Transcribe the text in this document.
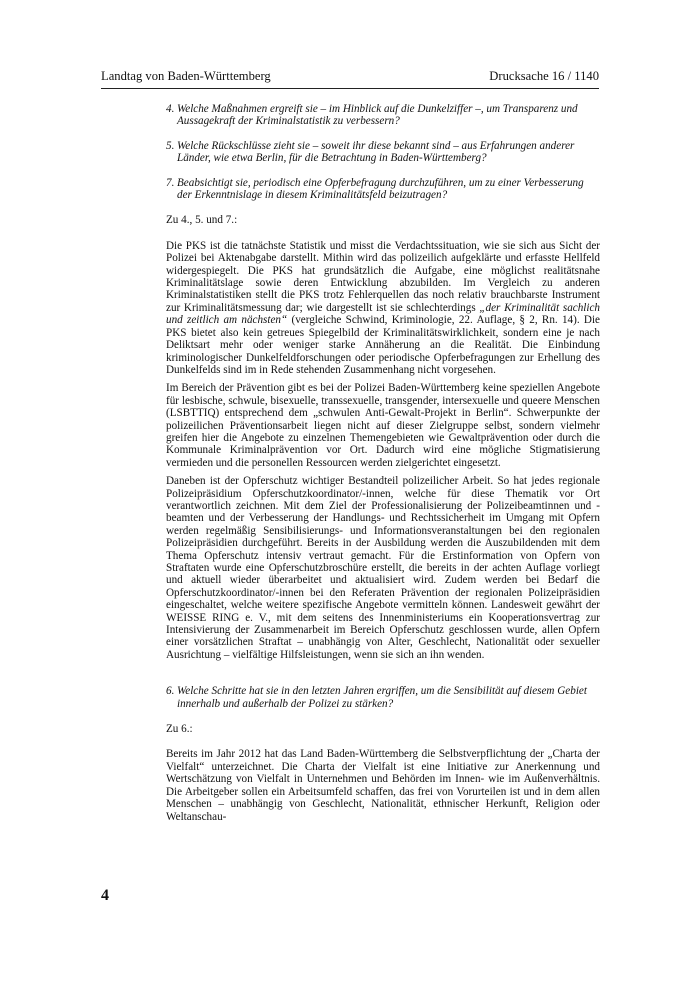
Landtag von Baden-Württemberg	Drucksache 16 / 1140
4. Welche Maßnahmen ergreift sie – im Hinblick auf die Dunkelziffer –, um Transparenz und Aussagekraft der Kriminalstatistik zu verbessern?
5. Welche Rückschlüsse zieht sie – soweit ihr diese bekannt sind – aus Erfahrungen anderer Länder, wie etwa Berlin, für die Betrachtung in Baden-Württemberg?
7. Beabsichtigt sie, periodisch eine Opferbefragung durchzuführen, um zu einer Verbesserung der Erkenntnislage in diesem Kriminalitätsfeld beizutragen?
Zu 4., 5. und 7.:

Die PKS ist die tatnächste Statistik und misst die Verdachtssituation, wie sie sich aus Sicht der Polizei bei Aktenabgabe darstellt. Mithin wird das polizeilich aufgeklärte und erfasste Hellfeld widergespiegelt. Die PKS hat grundsätzlich die Aufgabe, eine möglichst realitätsnahe Kriminalitätslage sowie deren Entwicklung abzubilden. Im Vergleich zu anderen Kriminalstatistiken stellt die PKS trotz Fehlerquellen das noch relativ brauchbarste Instrument zur Kriminalitätsmessung dar; wie dargestellt ist sie schlechterdings „der Kriminalität sachlich und zeitlich am nächsten“ (vergleiche Schwind, Kriminologie, 22. Auflage, § 2, Rn. 14). Die PKS bietet also kein getreues Spiegelbild der Kriminalitätswirklichkeit, sondern eine je nach Deliktsart mehr oder weniger starke Annäherung an die Realität. Die Einbindung kriminologischer Dunkelfeldforschungen oder periodische Opferbefragungen zur Erhellung des Dunkelfelds sind im in Rede stehenden Zusammenhang nicht vorgesehen.

Im Bereich der Prävention gibt es bei der Polizei Baden-Württemberg keine speziellen Angebote für lesbische, schwule, bisexuelle, transsexuelle, transgender, intersexuelle und queere Menschen (LSBTTIQ) entsprechend dem „schwulen Anti-Gewalt-Projekt in Berlin“. Schwerpunkte der polizeilichen Präventionsarbeit liegen nicht auf dieser Zielgruppe selbst, sondern vielmehr greifen hier die Angebote zu einzelnen Themengebieten wie Gewaltprävention oder durch die Kommunale Kriminalprävention vor Ort. Dadurch wird eine mögliche Stigmatisierung vermieden und die personellen Ressourcen werden zielgerichtet eingesetzt.

Daneben ist der Opferschutz wichtiger Bestandteil polizeilicher Arbeit. So hat jedes regionale Polizeipräsidium Opferschutzkoordinator/-innen, welche für diese Thematik vor Ort verantwortlich zeichnen. Mit dem Ziel der Professionalisierung der Polizeibeamtinnen und -beamten und der Verbesserung der Handlungs- und Rechtssicherheit im Umgang mit Opfern werden regelmäßig Sensibilisierungs- und Informationsveranstaltungen bei den regionalen Polizeipräsidien durchgeführt. Bereits in der Ausbildung werden die Auszubildenden mit dem Thema Opferschutz intensiv vertraut gemacht. Für die Erstinformation von Opfern von Straftaten wurde eine Opferschutzbroschüre erstellt, die bereits in der achten Auflage vorliegt und aktuell wieder überarbeitet und aktualisiert wird. Zudem werden bei Bedarf die Opferschutzkoordinator/-innen bei den Referaten Prävention der regionalen Polizeipräsidien eingeschaltet, welche weitere spezifische Angebote vermitteln können. Landesweit gewährt der WEISSE RING e. V., mit dem seitens des Innenministeriums ein Kooperationsvertrag zur Intensivierung der Zusammenarbeit im Bereich Opferschutz geschlossen wurde, allen Opfern einer vorsätzlichen Straftat – unabhängig von Alter, Geschlecht, Nationalität oder sexueller Ausrichtung – vielfältige Hilfsleistungen, wenn sie sich an ihn wenden.

6. Welche Schritte hat sie in den letzten Jahren ergriffen, um die Sensibilität auf diesem Gebiet innerhalb und außerhalb der Polizei zu stärken?
Zu 6.:

Bereits im Jahr 2012 hat das Land Baden-Württemberg die Selbstverpflichtung der „Charta der Vielfalt“ unterzeichnet. Die Charta der Vielfalt ist eine Initiative zur Anerkennung und Wertschätzung von Vielfalt in Unternehmen und Behörden im Innen- wie im Außenverhältnis. Die Arbeitgeber sollen ein Arbeitsumfeld schaffen, das frei von Vorurteilen ist und in dem allen Menschen – unabhängig von Geschlecht, Nationalität, ethnischer Herkunft, Religion oder Weltanschau-

4
